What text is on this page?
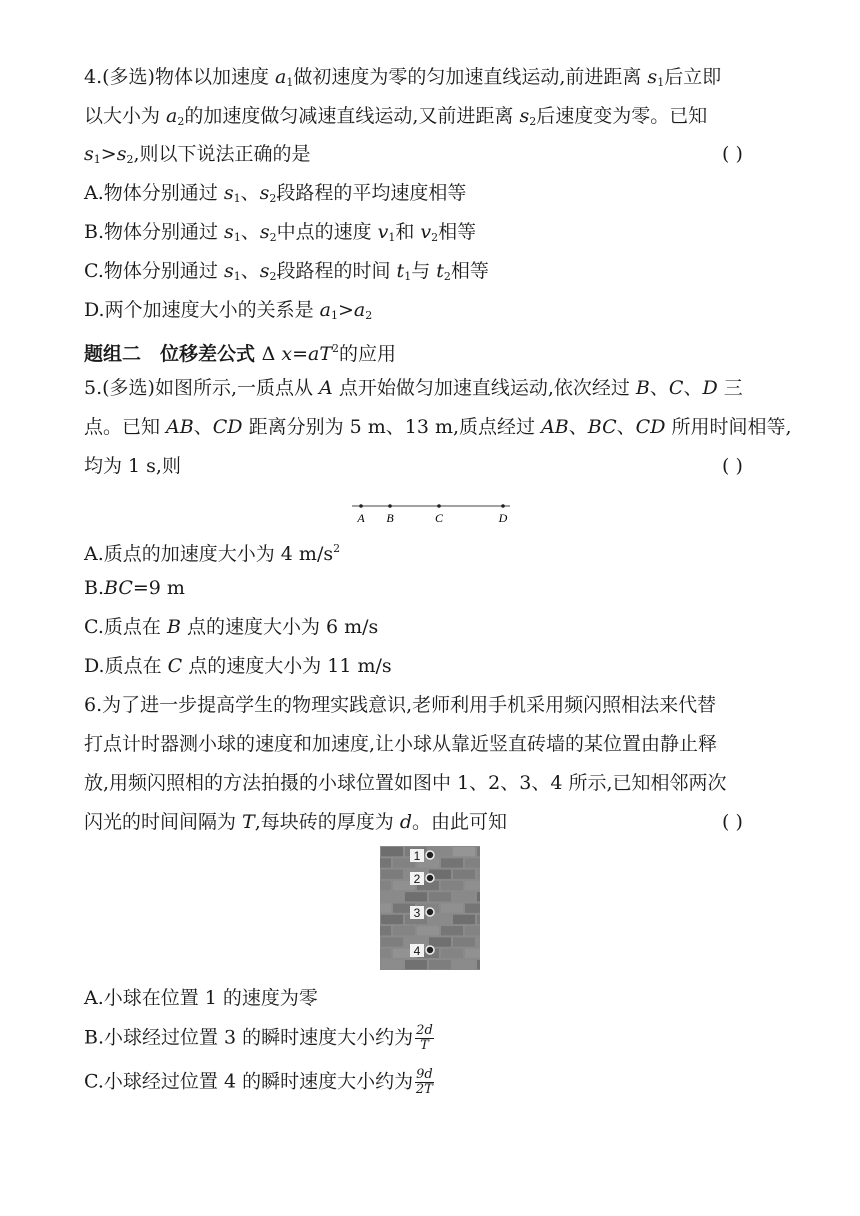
4.(多选)物体以加速度 $a_1$做初速度为零的匀加速直线运动,前进距离 $s_1$后立即
以大小为 $a_2$的加速度做匀减速直线运动,又前进距离 $s_2$后速度变为零。已知
$s_1>s_2$,则以下说法正确的是	( )
A.物体分别通过 $s_1$、$s_2$段路程的平均速度相等
B.物体分别通过 $s_1$、$s_2$中点的速度 $v_1$和 $v_2$相等
C.物体分别通过 $s_1$、$s_2$段路程的时间 $t_1$与 $t_2$相等
D.两个加速度大小的关系是 $a_1>a_2$
题组二　位移差公式 Δ $x=aT^2$的应用
5.(多选)如图所示,一质点从 A 点开始做匀加速直线运动,依次经过 B、C、D 三
点。已知 AB、CD 距离分别为 5 m、13 m,质点经过 AB、BC、CD 所用时间相等,
均为 1 s,则	( )
A B	C	D
A.质点的加速度大小为 4 $m/s^2$
B.BC=9 m
C.质点在 B 点的速度大小为 6 m/s
D.质点在 C 点的速度大小为 11 m/s
6.为了进一步提高学生的物理实践意识,老师利用手机采用频闪照相法来代替
打点计时器测小球的速度和加速度,让小球从靠近竖直砖墙的某位置由静止释
放,用频闪照相的方法拍摄的小球位置如图中 1、2、3、4 所示,已知相邻两次
闪光的时间间隔为 T,每块砖的厚度为 d。由此可知	( )
1
2
3
4
A.小球在位置 1 的速度为零
B.小球经过位置 3 的瞬时速度大小约为 $\frac{2d}{T}$
C.小球经过位置 4 的瞬时速度大小约为 $\frac{9d}{2T}$
